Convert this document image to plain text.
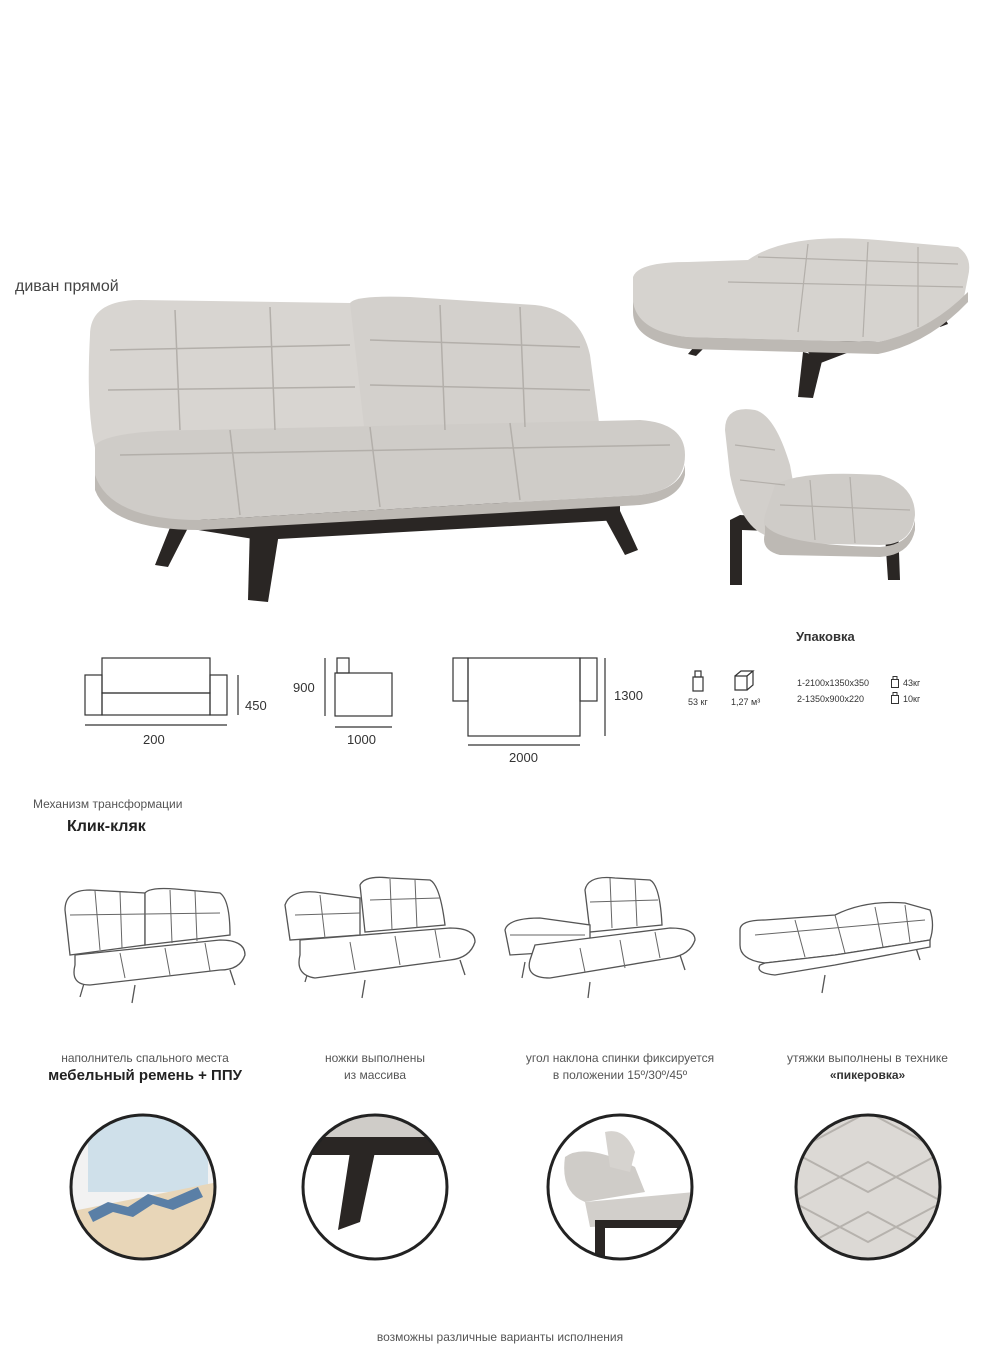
диван прямой
200
450
900
1000
2000
1300
Упаковка
53 кг	1,27 м³
1-2100x1350x350	43кг
2-1350x900x220	10кг
Механизм трансформации
Клик-кляк
наполнитель спального места
мебельный ремень + ППУ
ножки выполнены
из массива
угол наклона спинки фиксируется
в положении 15º/30º/45º
утяжки выполнены в технике
«пикеровка»
возможны различные варианты исполнения
